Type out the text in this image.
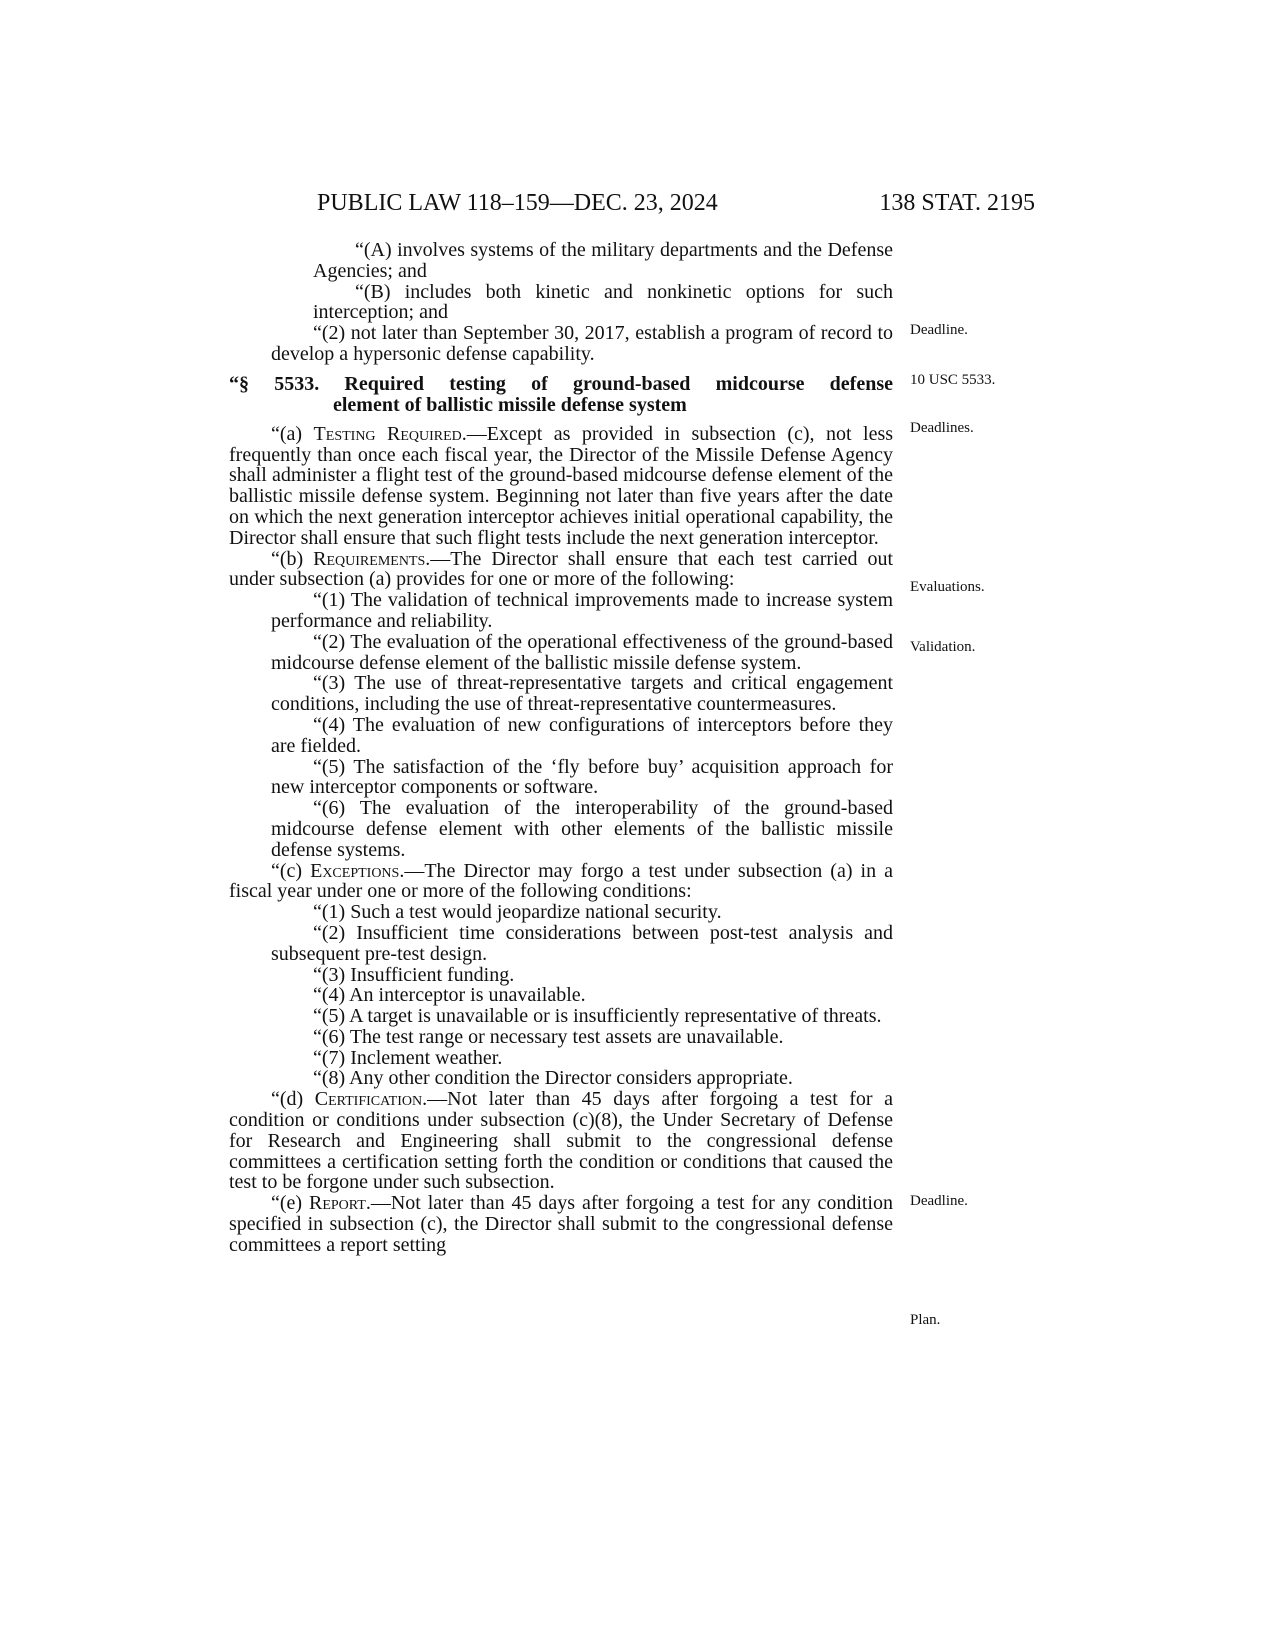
PUBLIC LAW 118–159—DEC. 23, 2024	138 STAT. 2195

“(A) involves systems of the military departments and the Defense Agencies; and

“(B) includes both kinetic and nonkinetic options for such interception; and

“(2) not later than September 30, 2017, establish a program of record to develop a hypersonic defense capability.

“§ 5533. Required testing of ground-based midcourse defense
element of ballistic missile defense system

“(a) Testing Required.—Except as provided in subsection (c), not less frequently than once each fiscal year, the Director of the Missile Defense Agency shall administer a flight test of the ground-based midcourse defense element of the ballistic missile defense system. Beginning not later than five years after the date on which the next generation interceptor achieves initial operational capability, the Director shall ensure that such flight tests include the next generation interceptor.

“(b) Requirements.—The Director shall ensure that each test carried out under subsection (a) provides for one or more of the following:

“(1) The validation of technical improvements made to increase system performance and reliability.

“(2) The evaluation of the operational effectiveness of the ground-based midcourse defense element of the ballistic missile defense system.

“(3) The use of threat-representative targets and critical engagement conditions, including the use of threat-representative countermeasures.

“(4) The evaluation of new configurations of interceptors before they are fielded.

“(5) The satisfaction of the ‘fly before buy’ acquisition approach for new interceptor components or software.

“(6) The evaluation of the interoperability of the ground-based midcourse defense element with other elements of the ballistic missile defense systems.

“(c) Exceptions.—The Director may forgo a test under subsection (a) in a fiscal year under one or more of the following conditions:

“(1) Such a test would jeopardize national security.

“(2) Insufficient time considerations between post-test analysis and subsequent pre-test design.

“(3) Insufficient funding.

“(4) An interceptor is unavailable.

“(5) A target is unavailable or is insufficiently representative of threats.

“(6) The test range or necessary test assets are unavailable.

“(7) Inclement weather.

“(8) Any other condition the Director considers appropriate.

“(d) Certification.—Not later than 45 days after forgoing a test for a condition or conditions under subsection (c)(8), the Under Secretary of Defense for Research and Engineering shall submit to the congressional defense committees a certification setting forth the condition or conditions that caused the test to be forgone under such subsection.

“(e) Report.—Not later than 45 days after forgoing a test for any condition specified in subsection (c), the Director shall submit to the congressional defense committees a report setting

Deadline.
10 USC 5533.
Deadlines.
Evaluations.
Validation.
Deadline.
Plan.
